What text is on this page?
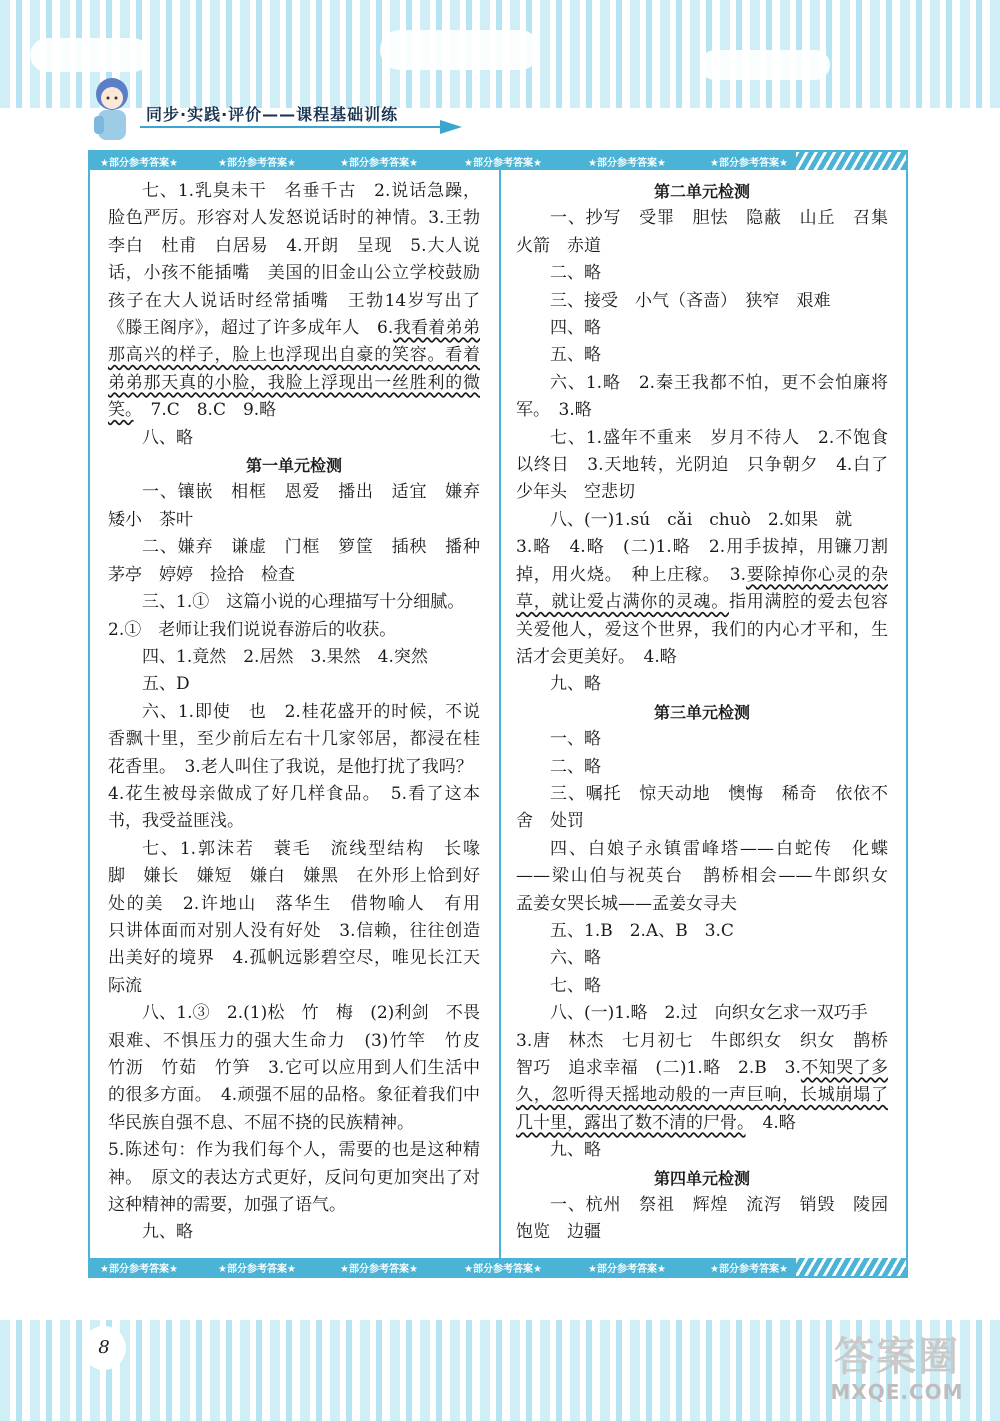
同步·实践·评价——课程基础训练
★部分参考答案★	★部分参考答案★	★部分参考答案★	★部分参考答案★	★部分参考答案★	★部分参考答案★

七、1.乳臭未干　名垂千古　2.说话急躁，脸色严厉。形容对人发怒说话时的神情。3.王勃　李白　杜甫　白居易　4.开朗　呈现　5.大人说话，小孩不能插嘴　美国的旧金山公立学校鼓励孩子在大人说话时经常插嘴　王勃14岁写出了《滕王阁序》，超过了许多成年人　6.我看着弟弟那高兴的样子，脸上也浮现出自豪的笑容。看着弟弟那天真的小脸，我脸上浮现出一丝胜利的微笑。　7.C　8.C　9.略

八、略

第一单元检测

一、镶嵌　相框　恩爱　播出　适宜　嫌弃　矮小　茶叶

二、嫌弃　谦虚　门框　箩筐　插秧　播种　茅亭　婷婷　捡拾　检查

三、1.①　这篇小说的心理描写十分细腻。

2.①　老师让我们说说春游后的收获。

四、1.竟然　2.居然　3.果然　4.突然

五、D

六、1.即使　也　2.桂花盛开的时候，不说香飘十里，至少前后左右十几家邻居，都浸在桂花香里。　3.老人叫住了我说，是他打扰了我吗？

4.花生被母亲做成了好几样食品。　5.看了这本书，我受益匪浅。

七、1.郭沫若　蓑毛　流线型结构　长喙　脚　嫌长　嫌短　嫌白　嫌黑　在外形上恰到好处的美　2.许地山　落华生　借物喻人　有用　只讲体面而对别人没有好处　3.信赖，往往创造出美好的境界　4.孤帆远影碧空尽，唯见长江天际流

八、1.③　2.(1)松　竹　梅　(2)利剑　不畏艰难、不惧压力的强大生命力　(3)竹竿　竹皮　竹沥　竹茹　竹笋　3.它可以应用到人们生活中的很多方面。　4.顽强不屈的品格。象征着我们中华民族自强不息、不屈不挠的民族精神。

5.陈述句：作为我们每个人，需要的也是这种精神。　原文的表达方式更好，反问句更加突出了对这种精神的需要，加强了语气。

九、略

第二单元检测

一、抄写　受罪　胆怯　隐蔽　山丘　召集　火箭　赤道

二、略

三、接受　小气（吝啬）　狭窄　艰难

四、略

五、略

六、1.略　2.秦王我都不怕，更不会怕廉将军。　3.略

七、1.盛年不重来　岁月不待人　2.不饱食以终日　3.天地转，光阴迫　只争朝夕　4.白了少年头　空悲切

八、(一)1.sú　cǎi　chuò　2.如果　就

3.略　4.略　(二)1.略　2.用手拔掉，用镰刀割掉，用火烧。　种上庄稼。　3.要除掉你心灵的杂草，就让爱占满你的灵魂。指用满腔的爱去包容关爱他人，爱这个世界，我们的内心才平和，生活才会更美好。　4.略

九、略

第三单元检测

一、略

二、略

三、嘱托　惊天动地　懊悔　稀奇　依依不舍　处罚

四、白娘子永镇雷峰塔——白蛇传　化蝶——梁山伯与祝英台　鹊桥相会——牛郎织女　孟姜女哭长城——孟姜女寻夫

五、1.B　2.A、B　3.C

六、略

七、略

八、(一)1.略　2.过　向织女乞求一双巧手

3.唐　林杰　七月初七　牛郎织女　织女　鹊桥　智巧　追求幸福　(二)1.略　2.B　3.不知哭了多久，忽听得天摇地动般的一声巨响，长城崩塌了几十里，露出了数不清的尸骨。　4.略

九、略

第四单元检测

一、杭州　祭祖　辉煌　流泻　销毁　陵园　饱览　边疆

★部分参考答案★	★部分参考答案★	★部分参考答案★	★部分参考答案★	★部分参考答案★	★部分参考答案★
8	答案圈
MXQE.COM
